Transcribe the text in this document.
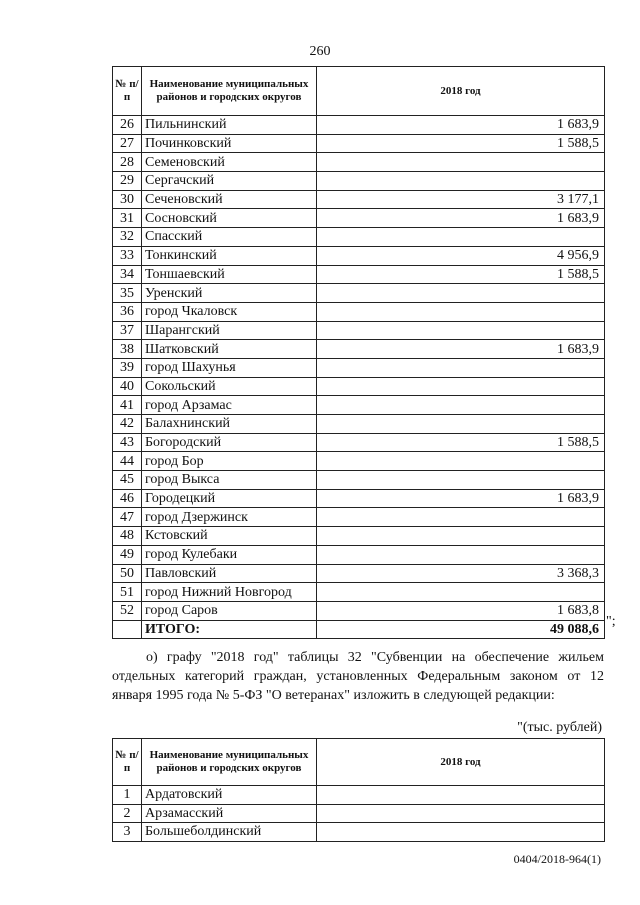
260
№ п/п	Наименование муниципальных районов и городских округов	2018 год
26	Пильнинский	1 683,9
27	Починковский	1 588,5
28	Семеновский	
29	Сергачский	
30	Сеченовский	3 177,1
31	Сосновский	1 683,9
32	Спасский	
33	Тонкинский	4 956,9
34	Тоншаевский	1 588,5
35	Уренский	
36	город Чкаловск	
37	Шарангский	
38	Шатковский	1 683,9
39	город Шахунья	
40	Сокольский	
41	город Арзамас	
42	Балахнинский	
43	Богородский	1 588,5
44	город Бор	
45	город Выкса	
46	Городецкий	1 683,9
47	город Дзержинск	
48	Кстовский	
49	город Кулебаки	
50	Павловский	3 368,3
51	город Нижний Новгород	
52	город Саров	1 683,8
	ИТОГО:	49 088,6
";
о) графу "2018 год" таблицы 32 "Субвенции на обеспечение жильем отдельных категорий граждан, установленных Федеральным законом от 12 января 1995 года № 5-ФЗ "О ветеранах" изложить в следующей редакции:
"(тыс. рублей)
№ п/п	Наименование муниципальных районов и городских округов	2018 год
1	Ардатовский	
2	Арзамасский	
3	Большеболдинский	
0404/2018-964(1)
